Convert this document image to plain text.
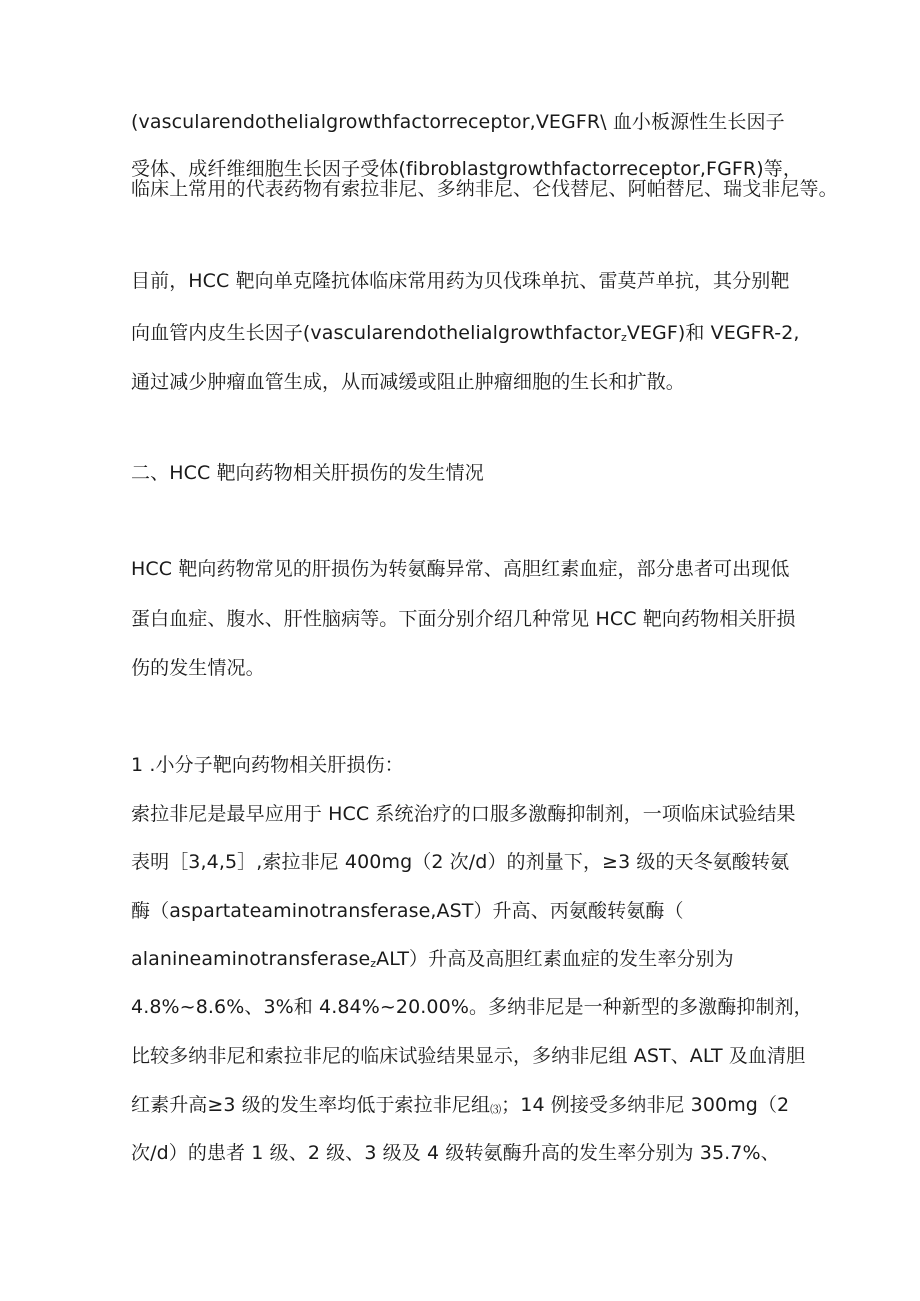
(vascularendothelialgrowthfactorreceptor,VEGFR\ 血小板源性生长因子
受体、成纤维细胞生长因子受体(fibroblastgrowthfactorreceptor,FGFR)等，
临床上常用的代表药物有索拉非尼、多纳非尼、仑伐替尼、阿帕替尼、瑞戈非尼等。
目前，HCC 靶向单克隆抗体临床常用药为贝伐珠单抗、雷莫芦单抗，其分别靶
向血管内皮生长因子(vascularendothelialgrowthfactorzVEGF)和 VEGFR-2,
通过减少肿瘤血管生成，从而减缓或阻止肿瘤细胞的生长和扩散。
二、HCC 靶向药物相关肝损伤的发生情况
HCC 靶向药物常见的肝损伤为转氨酶异常、高胆红素血症，部分患者可出现低
蛋白血症、腹水、肝性脑病等。下面分别介绍几种常见 HCC 靶向药物相关肝损
伤的发生情况。
1 .小分子靶向药物相关肝损伤：
索拉非尼是最早应用于 HCC 系统治疗的口服多激酶抑制剂，一项临床试验结果
表明［3,4,5］,索拉非尼 400mg（2 次/d）的剂量下，≥3 级的天冬氨酸转氨
酶（aspartateaminotransferase,AST）升高、丙氨酸转氨酶（
alanineaminotransferasezALT）升高及高胆红素血症的发生率分别为
4.8%~8.6%、3%和 4.84%~20.00%。多纳非尼是一种新型的多激酶抑制剂，
比较多纳非尼和索拉非尼的临床试验结果显示，多纳非尼组 AST、ALT 及血清胆
红素升高≥3 级的发生率均低于索拉非尼组⑶；14 例接受多纳非尼 300mg（2
次/d）的患者 1 级、2 级、3 级及 4 级转氨酶升高的发生率分别为 35.7%、
